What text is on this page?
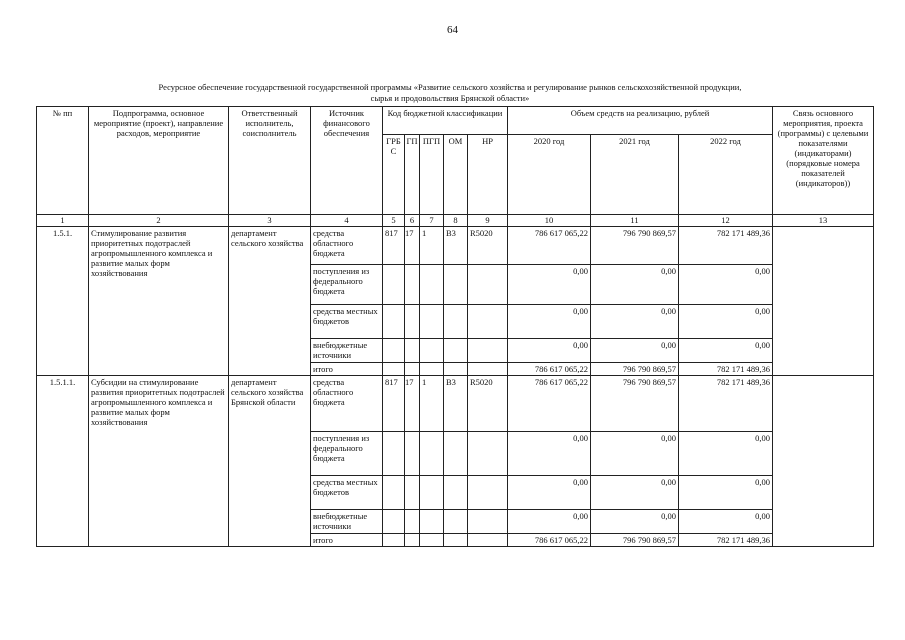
64
Ресурсное обеспечение государственной государственной программы «Развитие сельского хозяйства и регулирование рынков сельскохозяйственной продукции,
сырья и продовольствия Брянской области»
№ пп	Подпрограмма, основное мероприятие (проект), направление расходов, мероприятие	Ответственный исполнитель, соисполнитель	Источник финансового обеспечения	Код бюджетной классификации					Объем средств на реализацию, рублей			Связь основного мероприятия, проекта (программы) с целевыми показателями (индикаторами) (порядковые номера показателей (индикаторов))
				ГРБС	ГП	ПГП	ОМ	НР	2020 год	2021 год	2022 год	
1	2	3	4	5	6	7	8	9	10	11	12	13
1.5.1.	Стимулирование развития приоритетных подотраслей агропромышленного комплекса и развитие малых форм хозяйствования	департамент сельского хозяйства	средства областного бюджета	817	17	1	В3	R5020	786 617 065,22	796 790 869,57	782 171 489,36	
			поступления из федерального бюджета						0,00	0,00	0,00	
			средства местных бюджетов						0,00	0,00	0,00	
			внебюджетные источники						0,00	0,00	0,00	
			итого						786 617 065,22	796 790 869,57	782 171 489,36	
1.5.1.1.	Субсидии на стимулирование развития приоритетных подотраслей агропромышленного комплекса и развитие малых форм хозяйствования	департамент сельского хозяйства Брянской области	средства областного бюджета	817	17	1	В3	R5020	786 617 065,22	796 790 869,57	782 171 489,36	
			поступления из федерального бюджета						0,00	0,00	0,00	
			средства местных бюджетов						0,00	0,00	0,00	
			внебюджетные источники						0,00	0,00	0,00	
			итого						786 617 065,22	796 790 869,57	782 171 489,36	
